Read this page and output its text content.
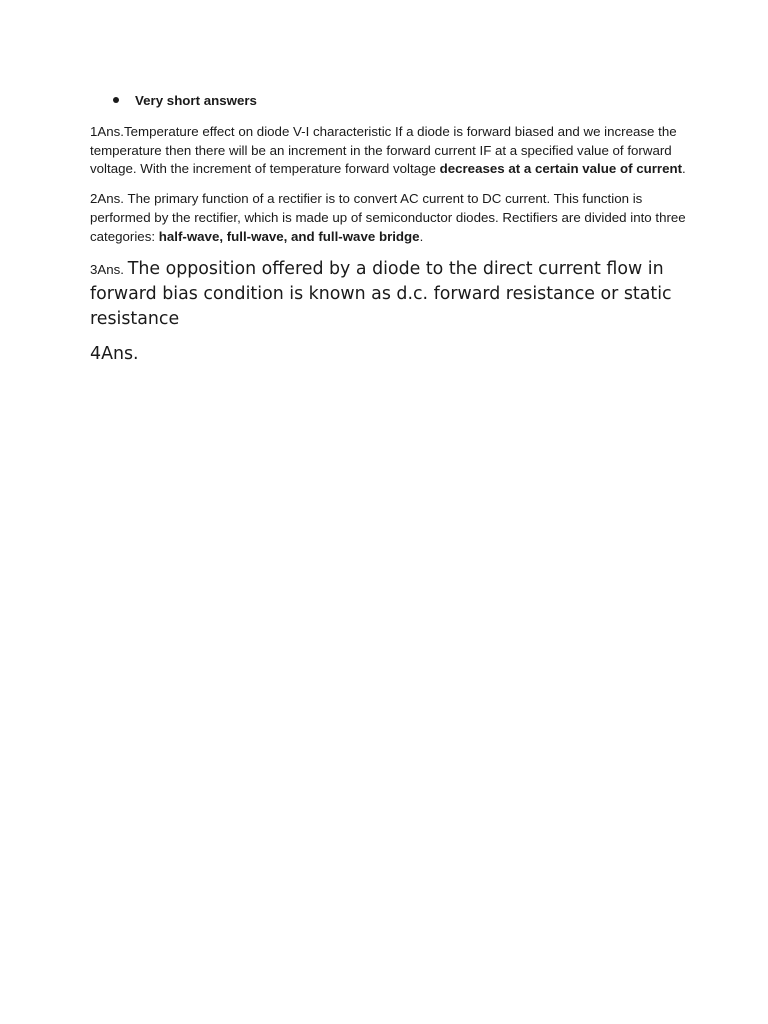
Very short answers

1Ans.Temperature effect on diode V-I characteristic If a diode is forward biased and we increase the temperature then there will be an increment in the forward current IF at a specified value of forward voltage. With the increment of temperature forward voltage decreases at a certain value of current.

2Ans. The primary function of a rectifier is to convert AC current to DC current. This function is performed by the rectifier, which is made up of semiconductor diodes. Rectifiers are divided into three categories: half-wave, full-wave, and full-wave bridge.

3Ans. The opposition offered by a diode to the direct current flow in forward bias condition is known as d.c. forward resistance or static resistance

4Ans.
